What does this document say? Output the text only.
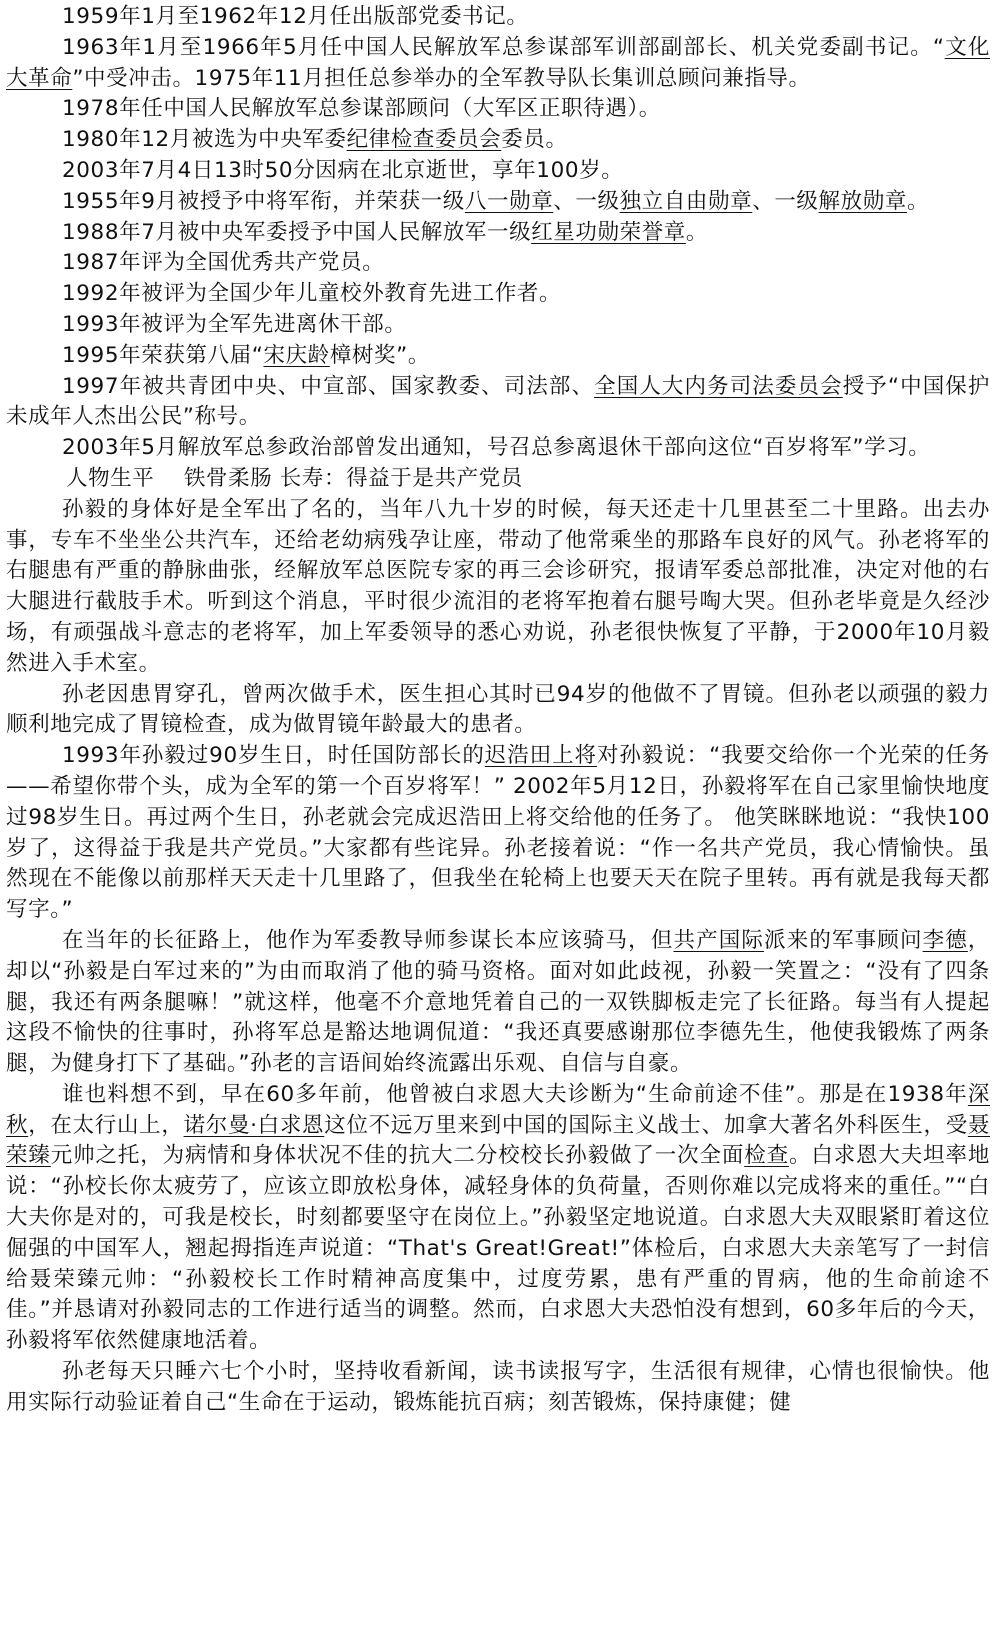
1959年1月至1962年12月任出版部党委书记。

1963年1月至1966年5月任中国人民解放军总参谋部军训部副部长、机关党委副书记。“文化大革命”中受冲击。1975年11月担任总参举办的全军教导队长集训总顾问兼指导。

1978年任中国人民解放军总参谋部顾问（大军区正职待遇）。

1980年12月被选为中央军委纪律检查委员会委员。

2003年7月4日13时50分因病在北京逝世，享年100岁。

1955年9月被授予中将军衔，并荣获一级八一勋章、一级独立自由勋章、一级解放勋章。

1988年7月被中央军委授予中国人民解放军一级红星功勋荣誉章。

1987年评为全国优秀共产党员。

1992年被评为全国少年儿童校外教育先进工作者。

1993年被评为全军先进离休干部。

1995年荣获第八届“宋庆龄樟树奖”。

1997年被共青团中央、中宣部、国家教委、司法部、全国人大内务司法委员会授予“中国保护未成年人杰出公民”称号。

2003年5月解放军总参政治部曾发出通知，号召总参离退休干部向这位“百岁将军”学习。

人物生平　 铁骨柔肠 长寿：得益于是共产党员

孙毅的身体好是全军出了名的，当年八九十岁的时候，每天还走十几里甚至二十里路。出去办事，专车不坐坐公共汽车，还给老幼病残孕让座，带动了他常乘坐的那路车良好的风气。孙老将军的右腿患有严重的静脉曲张，经解放军总医院专家的再三会诊研究，报请军委总部批准，决定对他的右大腿进行截肢手术。听到这个消息，平时很少流泪的老将军抱着右腿号啕大哭。但孙老毕竟是久经沙场，有顽强战斗意志的老将军，加上军委领导的悉心劝说，孙老很快恢复了平静，于2000年10月毅然进入手术室。

孙老因患胃穿孔，曾两次做手术，医生担心其时已94岁的他做不了胃镜。但孙老以顽强的毅力顺利地完成了胃镜检查，成为做胃镜年龄最大的患者。

1993年孙毅过90岁生日，时任国防部长的迟浩田上将对孙毅说：“我要交给你一个光荣的任务——希望你带个头，成为全军的第一个百岁将军！” 2002年5月12日，孙毅将军在自己家里愉快地度过98岁生日。再过两个生日，孙老就会完成迟浩田上将交给他的任务了。 他笑眯眯地说：“我快100岁了，这得益于我是共产党员。”大家都有些诧异。孙老接着说：“作一名共产党员，我心情愉快。虽然现在不能像以前那样天天走十几里路了，但我坐在轮椅上也要天天在院子里转。再有就是我每天都写字。”

在当年的长征路上，他作为军委教导师参谋长本应该骑马，但共产国际派来的军事顾问李德，却以“孙毅是白军过来的”为由而取消了他的骑马资格。面对如此歧视，孙毅一笑置之：“没有了四条腿，我还有两条腿嘛！”就这样，他毫不介意地凭着自己的一双铁脚板走完了长征路。每当有人提起这段不愉快的往事时，孙将军总是豁达地调侃道：“我还真要感谢那位李德先生，他使我锻炼了两条腿，为健身打下了基础。”孙老的言语间始终流露出乐观、自信与自豪。

谁也料想不到，早在60多年前，他曾被白求恩大夫诊断为“生命前途不佳”。那是在1938年深秋，在太行山上，诺尔曼·白求恩这位不远万里来到中国的国际主义战士、加拿大著名外科医生，受聂荣臻元帅之托，为病情和身体状况不佳的抗大二分校校长孙毅做了一次全面检查。白求恩大夫坦率地说：“孙校长你太疲劳了，应该立即放松身体，减轻身体的负荷量，否则你难以完成将来的重任。”“白大夫你是对的，可我是校长，时刻都要坚守在岗位上。”孙毅坚定地说道。白求恩大夫双眼紧盯着这位倔强的中国军人，翘起拇指连声说道：“That's Great!Great!”体检后，白求恩大夫亲笔写了一封信给聂荣臻元帅：“孙毅校长工作时精神高度集中，过度劳累，患有严重的胃病，他的生命前途不佳。”并恳请对孙毅同志的工作进行适当的调整。然而，白求恩大夫恐怕没有想到，60多年后的今天，孙毅将军依然健康地活着。

孙老每天只睡六七个小时，坚持收看新闻，读书读报写字，生活很有规律，心情也很愉快。他用实际行动验证着自己“生命在于运动，锻炼能抗百病；刻苦锻炼，保持康健；健
